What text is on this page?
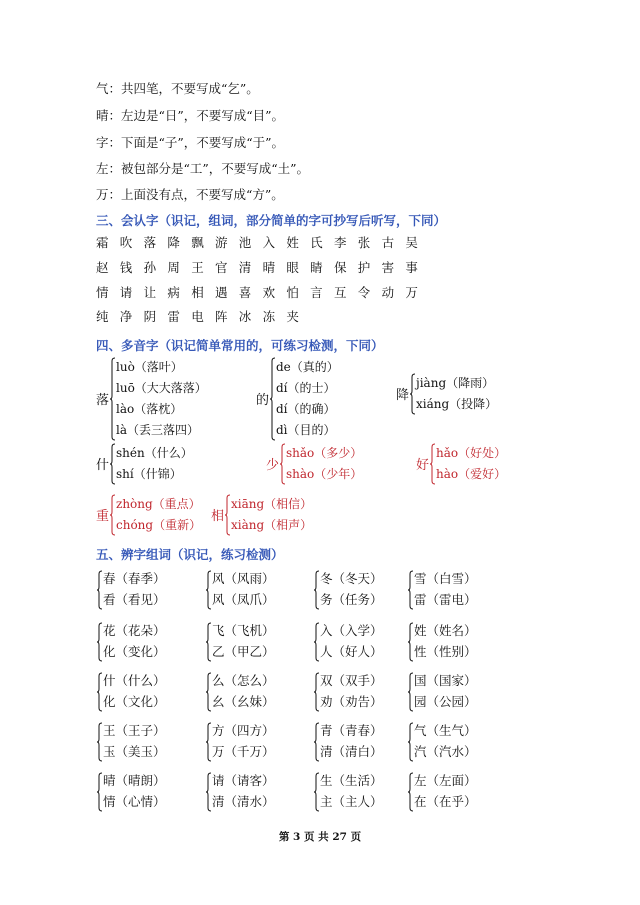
气：共四笔，不要写成“乞”。
晴：左边是“日”，不要写成“目”。
字：下面是“子”，不要写成“于”。
左：被包部分是“工”，不要写成“土”。
万：上面没有点，不要写成“方”。
三、会认字（识记，组词，部分简单的字可抄写后听写，下同）
霜 吹 落 降 飘 游 池 入 姓 氏 李 张 古 吴
赵 钱 孙 周 王 官 清 晴 眼 睛 保 护 害 事
情 请 让 病 相 遇 喜 欢 怕 言 互 令 动 万
纯 净 阴 雷 电 阵 冰 冻 夹
四、多音字（识记简单常用的，可练习检测，下同）
落
luò（落叶）
luō（大大落落）
lào（落枕）
là（丢三落四）
的
de（真的）
dí（的士）
dí（的确）
dì（目的）
降
jiàng（降雨）
xiáng（投降）
什
shén（什么）
shí（什锦）
少
shǎo（多少）
shào（少年）
好
hǎo（好处）
hào（爱好）
重
zhòng（重点）
chóng（重新）
相
xiāng（相信）
xiàng（相声）
五、辨字组词（识记，练习检测）
春（春季）
看（看见）
风（风雨）
风（凤爪）
冬（冬天）
务（任务）
雪（白雪）
雷（雷电）
花（花朵）
化（变化）
飞（飞机）
乙（甲乙）
入（入学）
人（好人）
姓（姓名）
性（性别）
什（什么）
化（文化）
么（怎么）
幺（幺妹）
双（双手）
劝（劝告）
国（国家）
园（公园）
王（王子）
玉（美玉）
方（四方）
万（千万）
青（青春）
清（清白）
气（生气）
汽（汽水）
晴（晴朗）
情（心情）
请（请客）
清（清水）
生（生活）
主（主人）
左（左面）
在（在乎）
第 3 页 共 27 页
